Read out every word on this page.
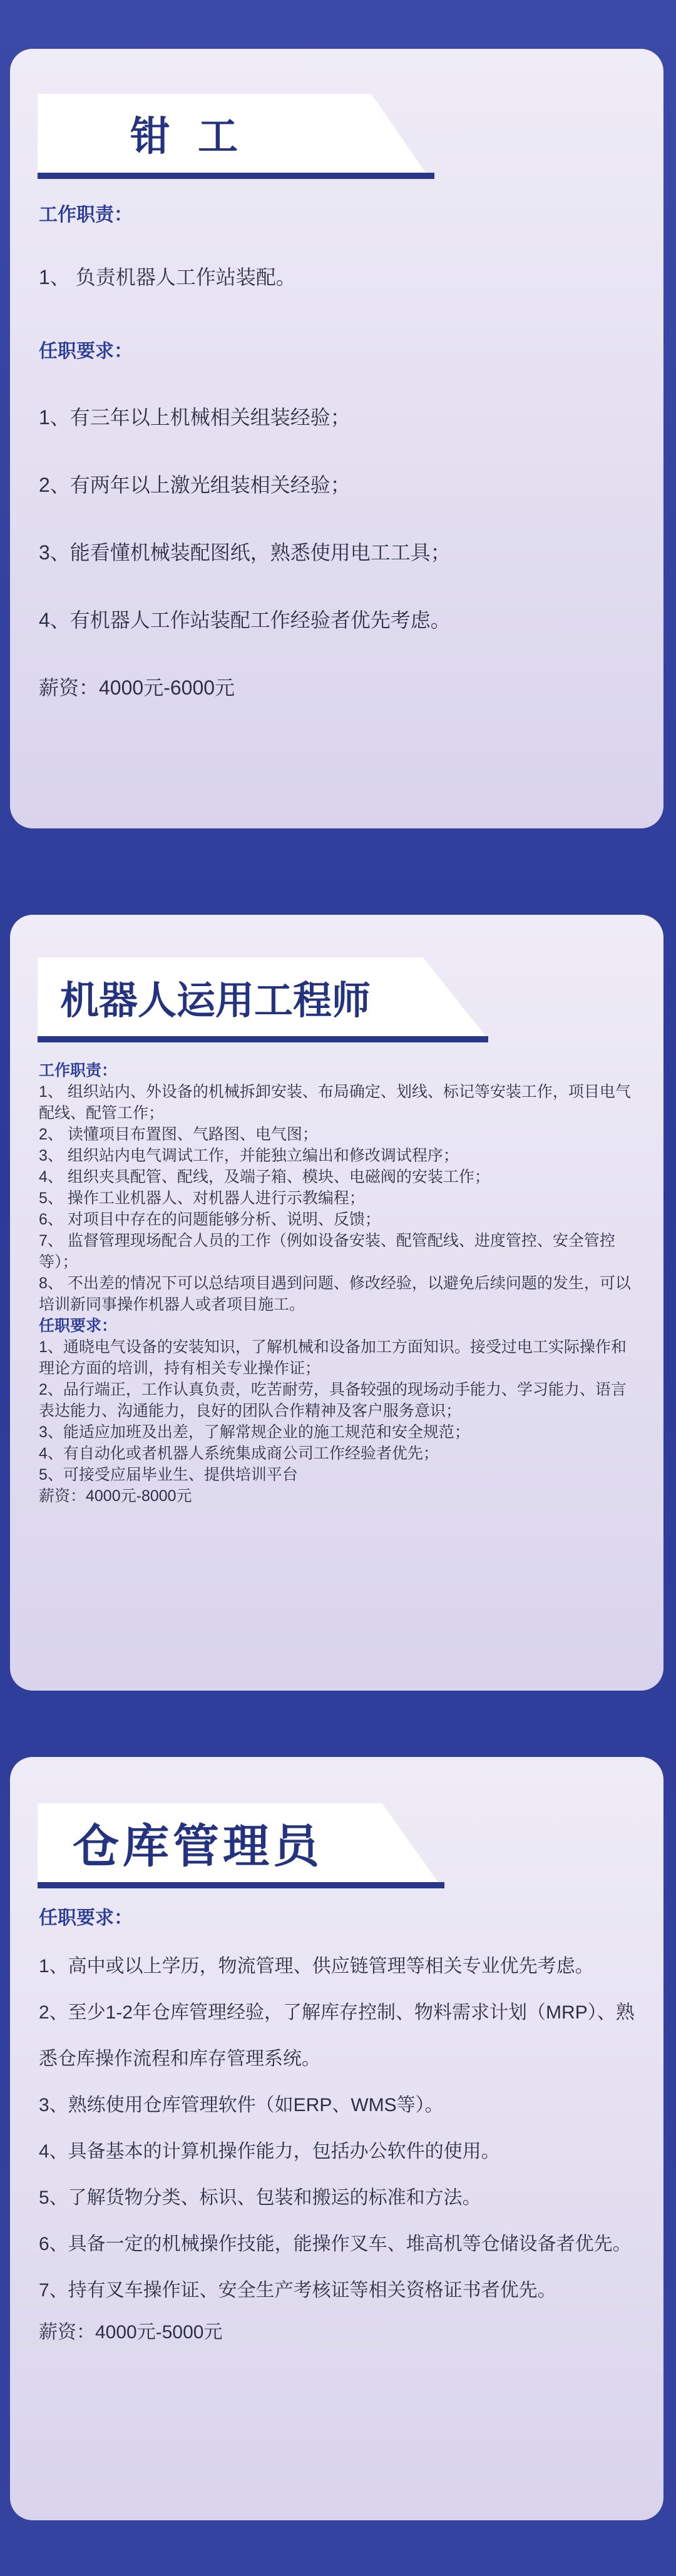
钳工
工作职责：
1、 负责机器人工作站装配。
任职要求：
1、有三年以上机械相关组装经验；
2、有两年以上激光组装相关经验；
3、能看懂机械装配图纸，熟悉使用电工工具；
4、有机器人工作站装配工作经验者优先考虑。
薪资：4000元-6000元
机器人运用工程师
工作职责：
1、 组织站内、外设备的机械拆卸安装、布局确定、划线、标记等安装工作，项目电气配线、配管工作；
2、 读懂项目布置图、气路图、电气图；
3、 组织站内电气调试工作，并能独立编出和修改调试程序；
4、 组织夹具配管、配线，及端子箱、模块、电磁阀的安装工作；
5、 操作工业机器人、对机器人进行示教编程；
6、 对项目中存在的问题能够分析、说明、反馈；
7、 监督管理现场配合人员的工作（例如设备安装、配管配线、进度管控、安全管控等）；
8、 不出差的情况下可以总结项目遇到问题、修改经验，以避免后续问题的发生，可以培训新同事操作机器人或者项目施工。
任职要求：
1、通晓电气设备的安装知识，了解机械和设备加工方面知识。接受过电工实际操作和理论方面的培训，持有相关专业操作证；
2、品行端正，工作认真负责，吃苦耐劳，具备较强的现场动手能力、学习能力、语言表达能力、沟通能力，良好的团队合作精神及客户服务意识；
3、能适应加班及出差，了解常规企业的施工规范和安全规范；
4、有自动化或者机器人系统集成商公司工作经验者优先；
5、可接受应届毕业生、提供培训平台
薪资：4000元-8000元
仓库管理员
任职要求：
1、高中或以上学历，物流管理、供应链管理等相关专业优先考虑。
2、至少1-2年仓库管理经验，了解库存控制、物料需求计划（MRP）、熟悉仓库操作流程和库存管理系统。
3、熟练使用仓库管理软件（如ERP、WMS等）。
4、具备基本的计算机操作能力，包括办公软件的使用。
5、了解货物分类、标识、包装和搬运的标准和方法。
6、具备一定的机械操作技能，能操作叉车、堆高机等仓储设备者优先。
7、持有叉车操作证、安全生产考核证等相关资格证书者优先。
薪资：4000元-5000元
